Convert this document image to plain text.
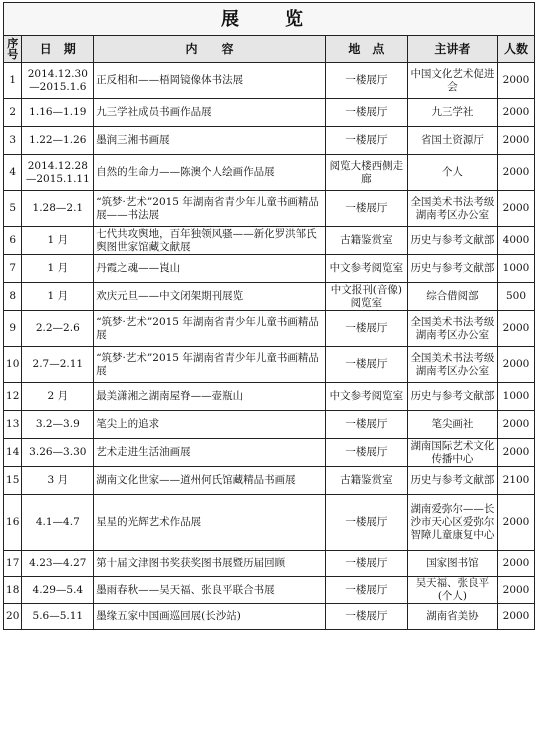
展　览					
序
号	日　期	内　　容	地　点	主讲者	人数
1	2014.12.30—2015.1.6	正反相和——梧岡镜像体书法展	一楼展厅	中国文化艺术促进会	2000
2	1.16—1.19	九三学社成员书画作品展	一楼展厅	九三学社	2000
3	1.22—1.26	墨润三湘书画展	一楼展厅	省国土资源厅	2000
4	2014.12.28—2015.1.11	自然的生命力——陈澳个人绘画作品展	阅览大楼西侧走廊	个人	2000
5	1.28—2.1	“筑梦·艺术”2015 年湖南省青少年儿童书画精品展——书法展	一楼展厅	全国美术书法考级湖南考区办公室	2000
6	1 月	七代共攻舆地，百年独领风骚——新化罗洪邹氏舆图世家馆藏文献展	古籍鉴赏室	历史与参考文献部	4000
7	1 月	丹霞之魂——崀山	中文参考阅览室	历史与参考文献部	1000
8	1 月	欢庆元旦——中文闭架期刊展览	中文报刊(音像)阅览室	综合借阅部	500
9	2.2—2.6	“筑梦·艺术”2015 年湖南省青少年儿童书画精品展	一楼展厅	全国美术书法考级湖南考区办公室	2000
10	2.7—2.11	“筑梦·艺术”2015 年湖南省青少年儿童书画精品展	一楼展厅	全国美术书法考级湖南考区办公室	2000
12	2 月	最美潇湘之湖南屋脊——壶瓶山	中文参考阅览室	历史与参考文献部	1000
13	3.2—3.9	笔尖上的追求	一楼展厅	笔尖画社	2000
14	3.26—3.30	艺术走进生活油画展	一楼展厅	湖南国际艺术文化传播中心	2000
15	3 月	湖南文化世家——道州何氏馆藏精品书画展	古籍鉴赏室	历史与参考文献部	2100
16	4.1—4.7	星星的光辉艺术作品展	一楼展厅	湖南爱弥尔——长沙市天心区爱弥尔智障儿童康复中心	2000
17	4.23—4.27	第十届文津图书奖获奖图书展暨历届回顾	一楼展厅	国家图书馆	2000
18	4.29—5.4	墨雨春秋——吴天福、张良平联合书展	一楼展厅	吴天福、张良平(个人)	2000
20	5.6—5.11	墨缘五家中国画巡回展(长沙站)	一楼展厅	湖南省美协	2000
